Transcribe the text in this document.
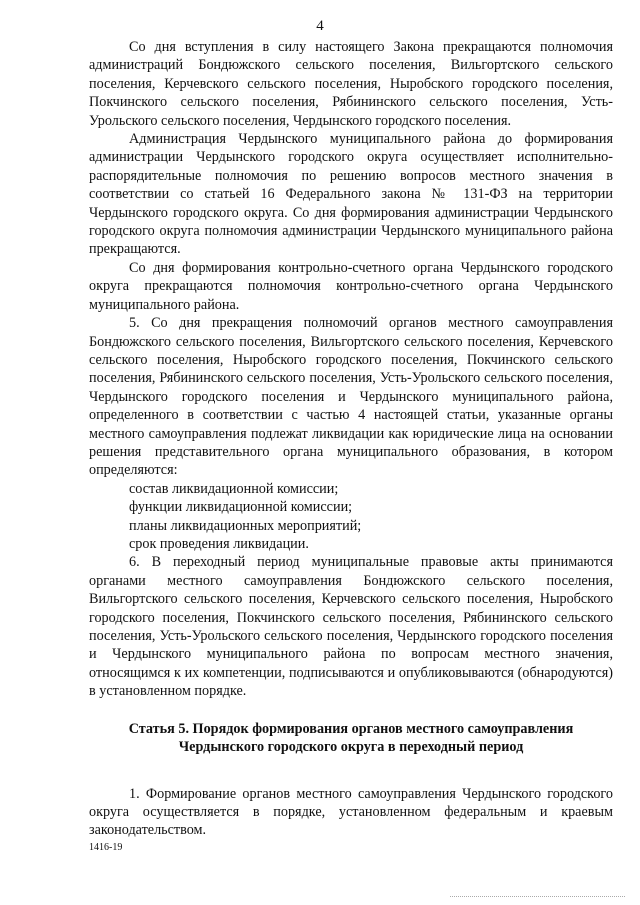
4

Со дня вступления в силу настоящего Закона прекращаются полномочия администраций Бондюжского сельского поселения, Вильгортского сельского поселения, Керчевского сельского поселения, Ныробского городского поселения, Покчинского сельского поселения, Рябининского сельского поселения, Усть-Урольского сельского поселения, Чердынского городского поселения.

Администрация Чердынского муниципального района до формирования администрации Чердынского городского округа осуществляет исполнительно-распорядительные полномочия по решению вопросов местного значения в соответствии со статьей 16 Федерального закона № 131-ФЗ на территории Чердынского городского округа. Со дня формирования администрации Чердынского городского округа полномочия администрации Чердынского муниципального района прекращаются.

Со дня формирования контрольно-счетного органа Чердынского городского округа прекращаются полномочия контрольно-счетного органа Чердынского муниципального района.

5. Со дня прекращения полномочий органов местного самоуправления Бондюжского сельского поселения, Вильгортского сельского поселения, Керчевского сельского поселения, Ныробского городского поселения, Покчинского сельского поселения, Рябининского сельского поселения, Усть-Урольского сельского поселения, Чердынского городского поселения и Чердынского муниципального района, определенного в соответствии с частью 4 настоящей статьи, указанные органы местного самоуправления подлежат ликвидации как юридические лица на основании решения представительного органа муниципального образования, в котором определяются:

состав ликвидационной комиссии;

функции ликвидационной комиссии;

планы ликвидационных мероприятий;

срок проведения ликвидации.

6. В переходный период муниципальные правовые акты принимаются органами местного самоуправления Бондюжского сельского поселения, Вильгортского сельского поселения, Керчевского сельского поселения, Ныробского городского поселения, Покчинского сельского поселения, Рябининского сельского поселения, Усть-Урольского сельского поселения, Чердынского городского поселения и Чердынского муниципального района по вопросам местного значения, относящимся к их компетенции, подписываются и опубликовываются (обнародуются) в установленном порядке.

Статья 5. Порядок формирования органов местного самоуправления Чердынского городского округа в переходный период

1. Формирование органов местного самоуправления Чердынского городского округа осуществляется в порядке, установленном федеральным и краевым законодательством.

1416-19
